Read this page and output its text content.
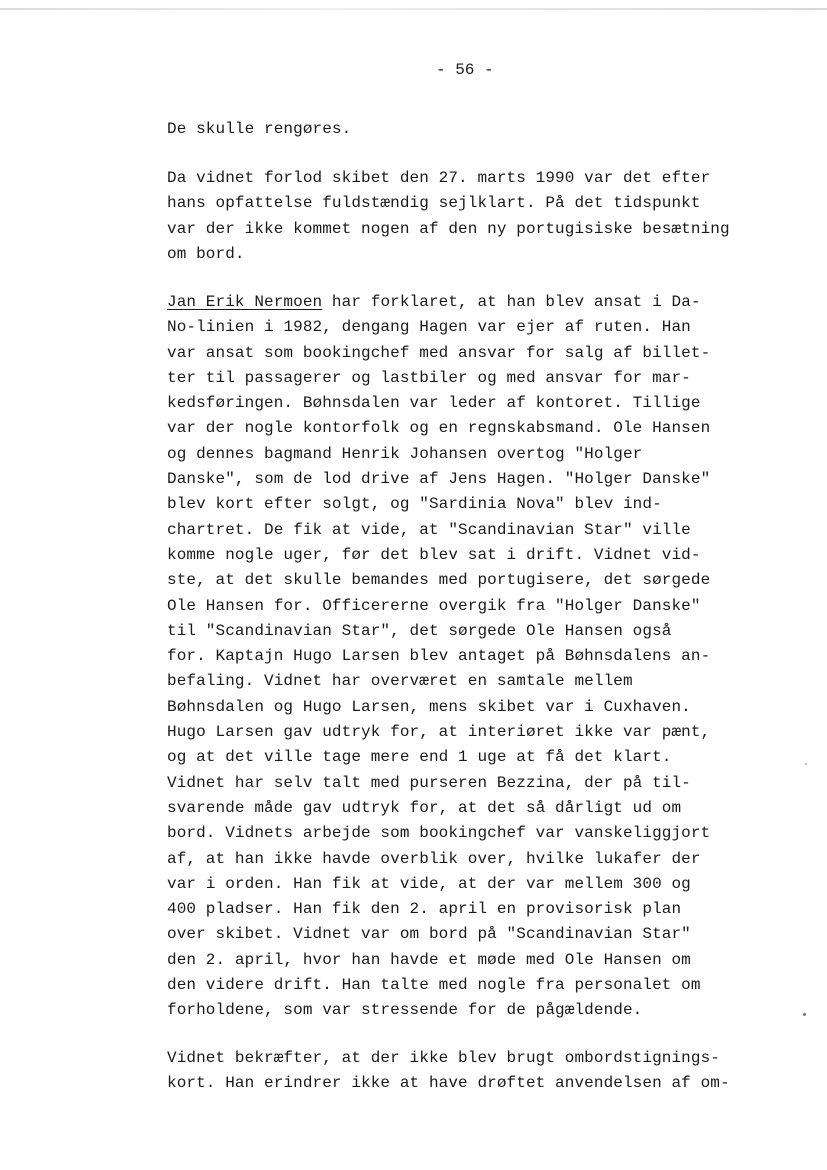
- 56 -
De skulle rengøres.
Da vidnet forlod skibet den 27. marts 1990 var det efter
hans opfattelse fuldstændig sejlklart. På det tidspunkt
var der ikke kommet nogen af den ny portugisiske besætning
om bord.
Jan Erik Nermoen har forklaret, at han blev ansat i Da-
No-linien i 1982, dengang Hagen var ejer af ruten. Han
var ansat som bookingchef med ansvar for salg af billet-
ter til passagerer og lastbiler og med ansvar for mar-
kedsføringen. Bøhnsdalen var leder af kontoret. Tillige
var der nogle kontorfolk og en regnskabsmand. Ole Hansen
og dennes bagmand Henrik Johansen overtog "Holger
Danske", som de lod drive af Jens Hagen. "Holger Danske"
blev kort efter solgt, og "Sardinia Nova" blev ind-
chartret. De fik at vide, at "Scandinavian Star" ville
komme nogle uger, før det blev sat i drift. Vidnet vid-
ste, at det skulle bemandes med portugisere, det sørgede
Ole Hansen for. Officererne overgik fra "Holger Danske"
til "Scandinavian Star", det sørgede Ole Hansen også
for. Kaptajn Hugo Larsen blev antaget på Bøhnsdalens an-
befaling. Vidnet har overværet en samtale mellem
Bøhnsdalen og Hugo Larsen, mens skibet var i Cuxhaven.
Hugo Larsen gav udtryk for, at interiøret ikke var pænt,
og at det ville tage mere end 1 uge at få det klart.
Vidnet har selv talt med purseren Bezzina, der på til-
svarende måde gav udtryk for, at det så dårligt ud om
bord. Vidnets arbejde som bookingchef var vanskeliggjort
af, at han ikke havde overblik over, hvilke lukafer der
var i orden. Han fik at vide, at der var mellem 300 og
400 pladser. Han fik den 2. april en provisorisk plan
over skibet. Vidnet var om bord på "Scandinavian Star"
den 2. april, hvor han havde et møde med Ole Hansen om
den videre drift. Han talte med nogle fra personalet om
forholdene, som var stressende for de pågældende.
Vidnet bekræfter, at der ikke blev brugt ombordstignings-
kort. Han erindrer ikke at have drøftet anvendelsen af om-
